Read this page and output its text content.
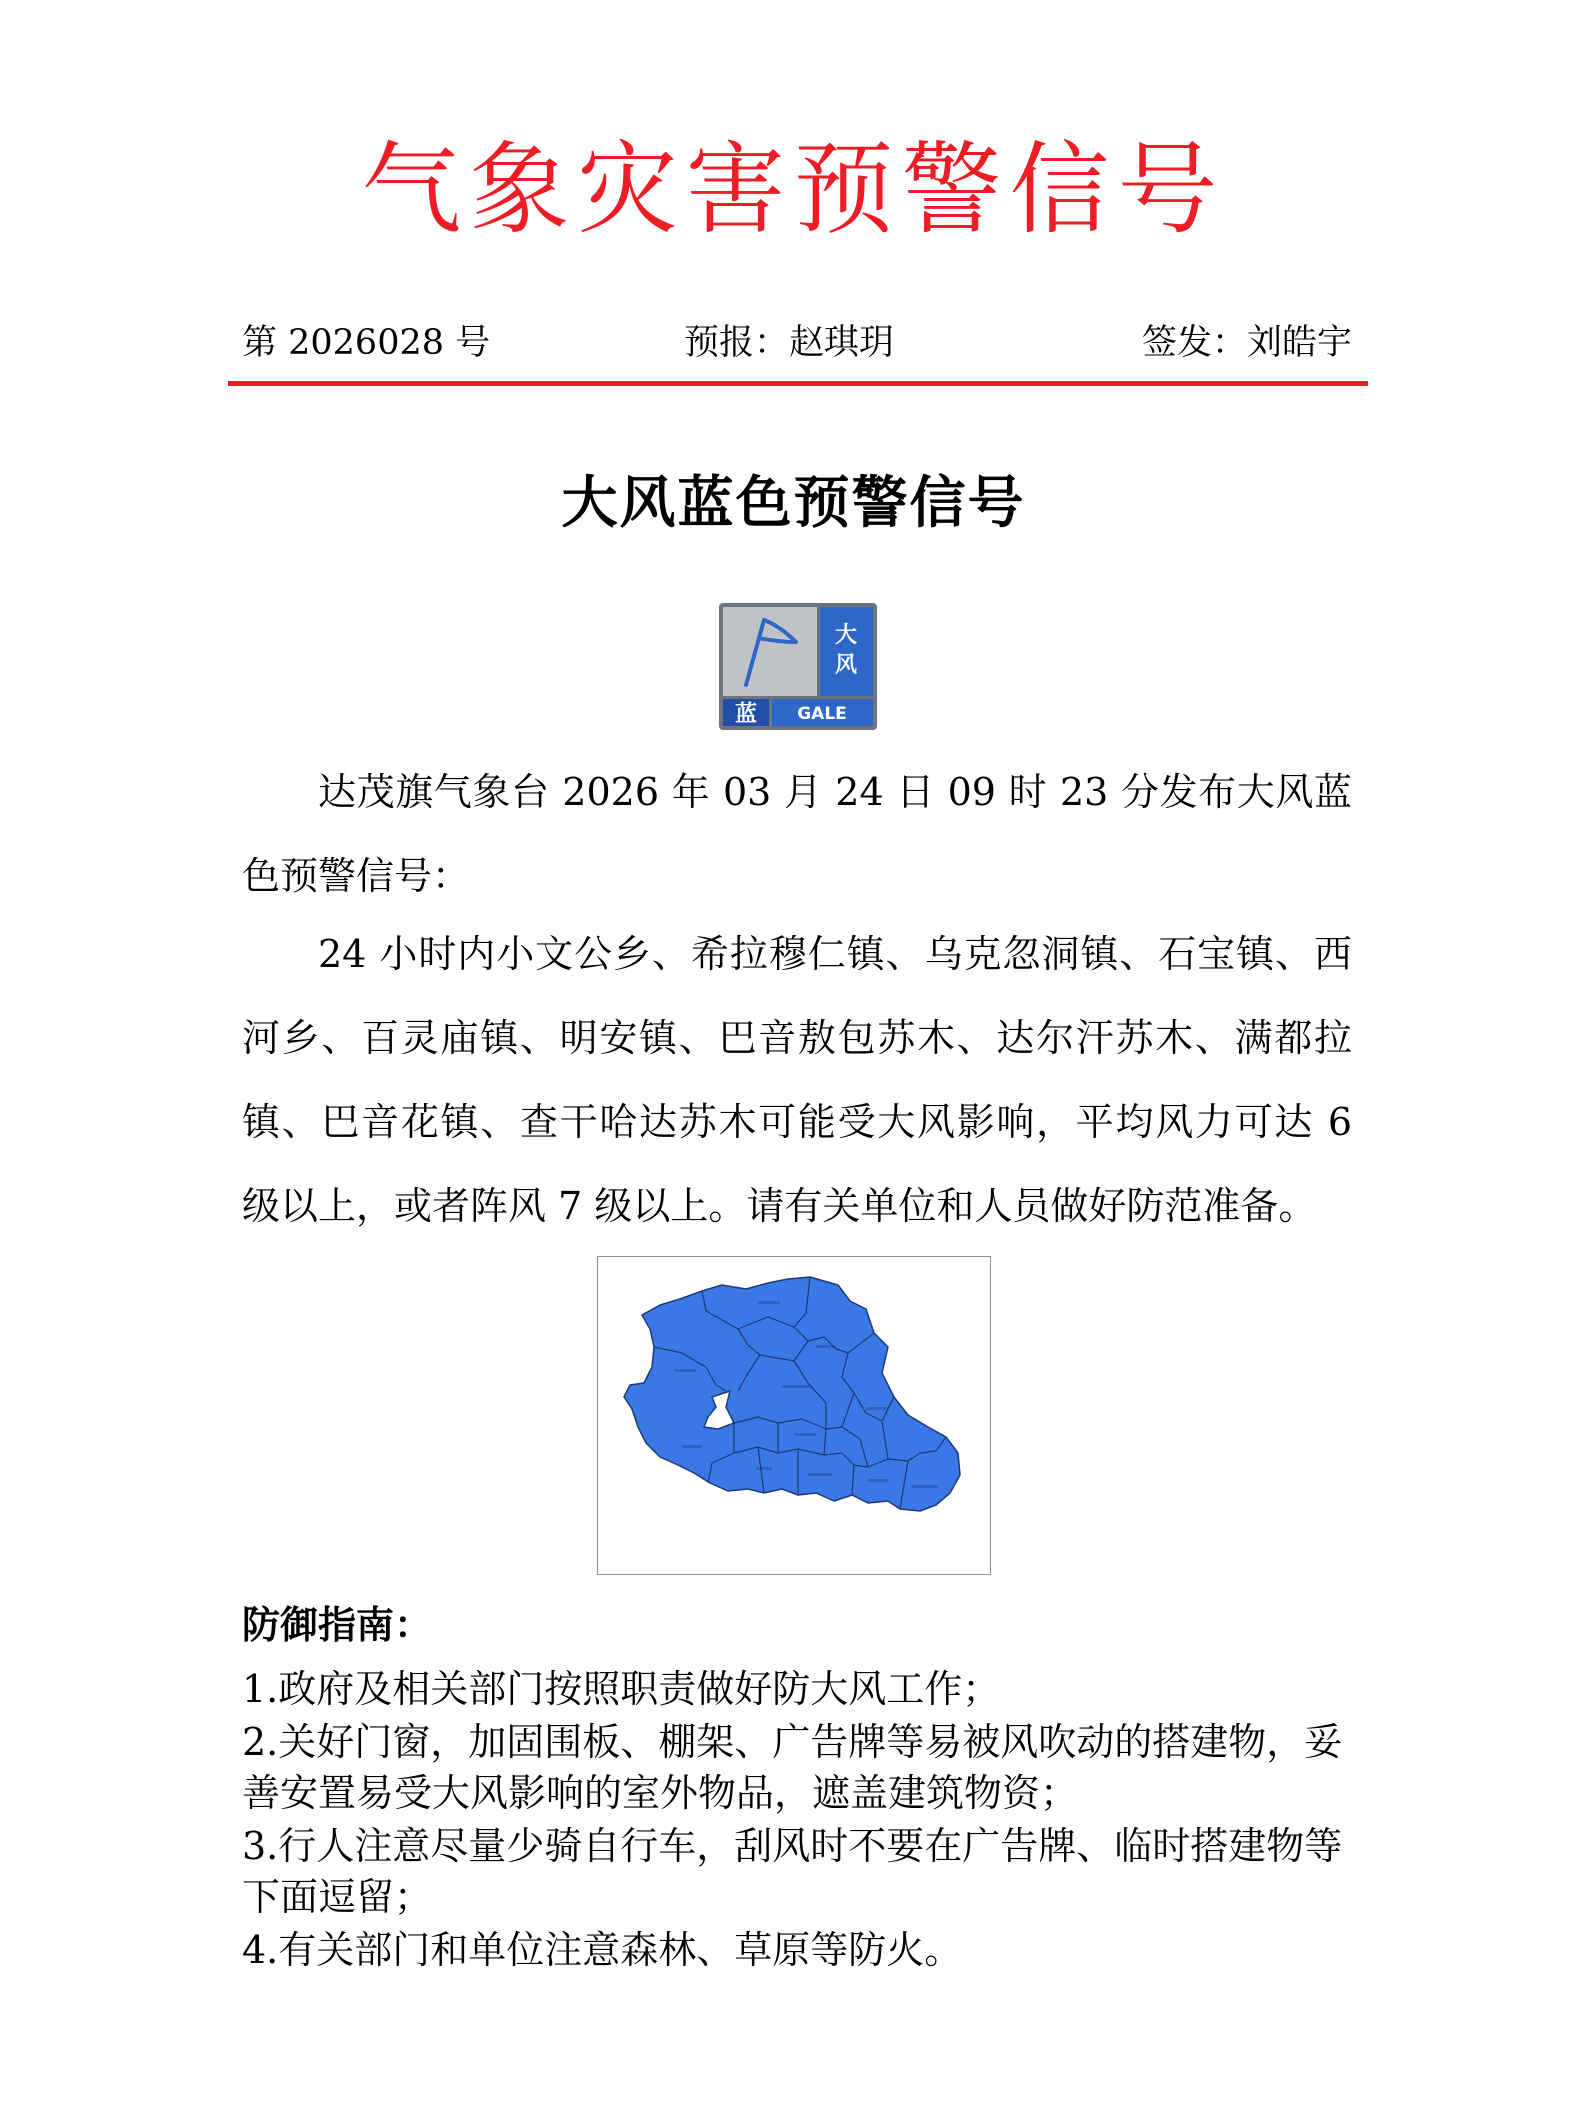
气象灾害预警信号
第 2026028 号	预报：赵琪玥	签发：刘皓宇
大风蓝色预警信号
大
风
蓝 GALE
达茂旗气象台 2026 年 03 月 24 日 09 时 23 分发布大风蓝色预警信号：
24 小时内小文公乡、希拉穆仁镇、乌克忽洞镇、石宝镇、西河乡、百灵庙镇、明安镇、巴音敖包苏木、达尔汗苏木、满都拉镇、巴音花镇、查干哈达苏木可能受大风影响，平均风力可达 6 级以上，或者阵风 7 级以上。请有关单位和人员做好防范准备。
防御指南：
1.政府及相关部门按照职责做好防大风工作；
2.关好门窗，加固围板、棚架、广告牌等易被风吹动的搭建物，妥善安置易受大风影响的室外物品，遮盖建筑物资；
3.行人注意尽量少骑自行车，刮风时不要在广告牌、临时搭建物等下面逗留；
4.有关部门和单位注意森林、草原等防火。
